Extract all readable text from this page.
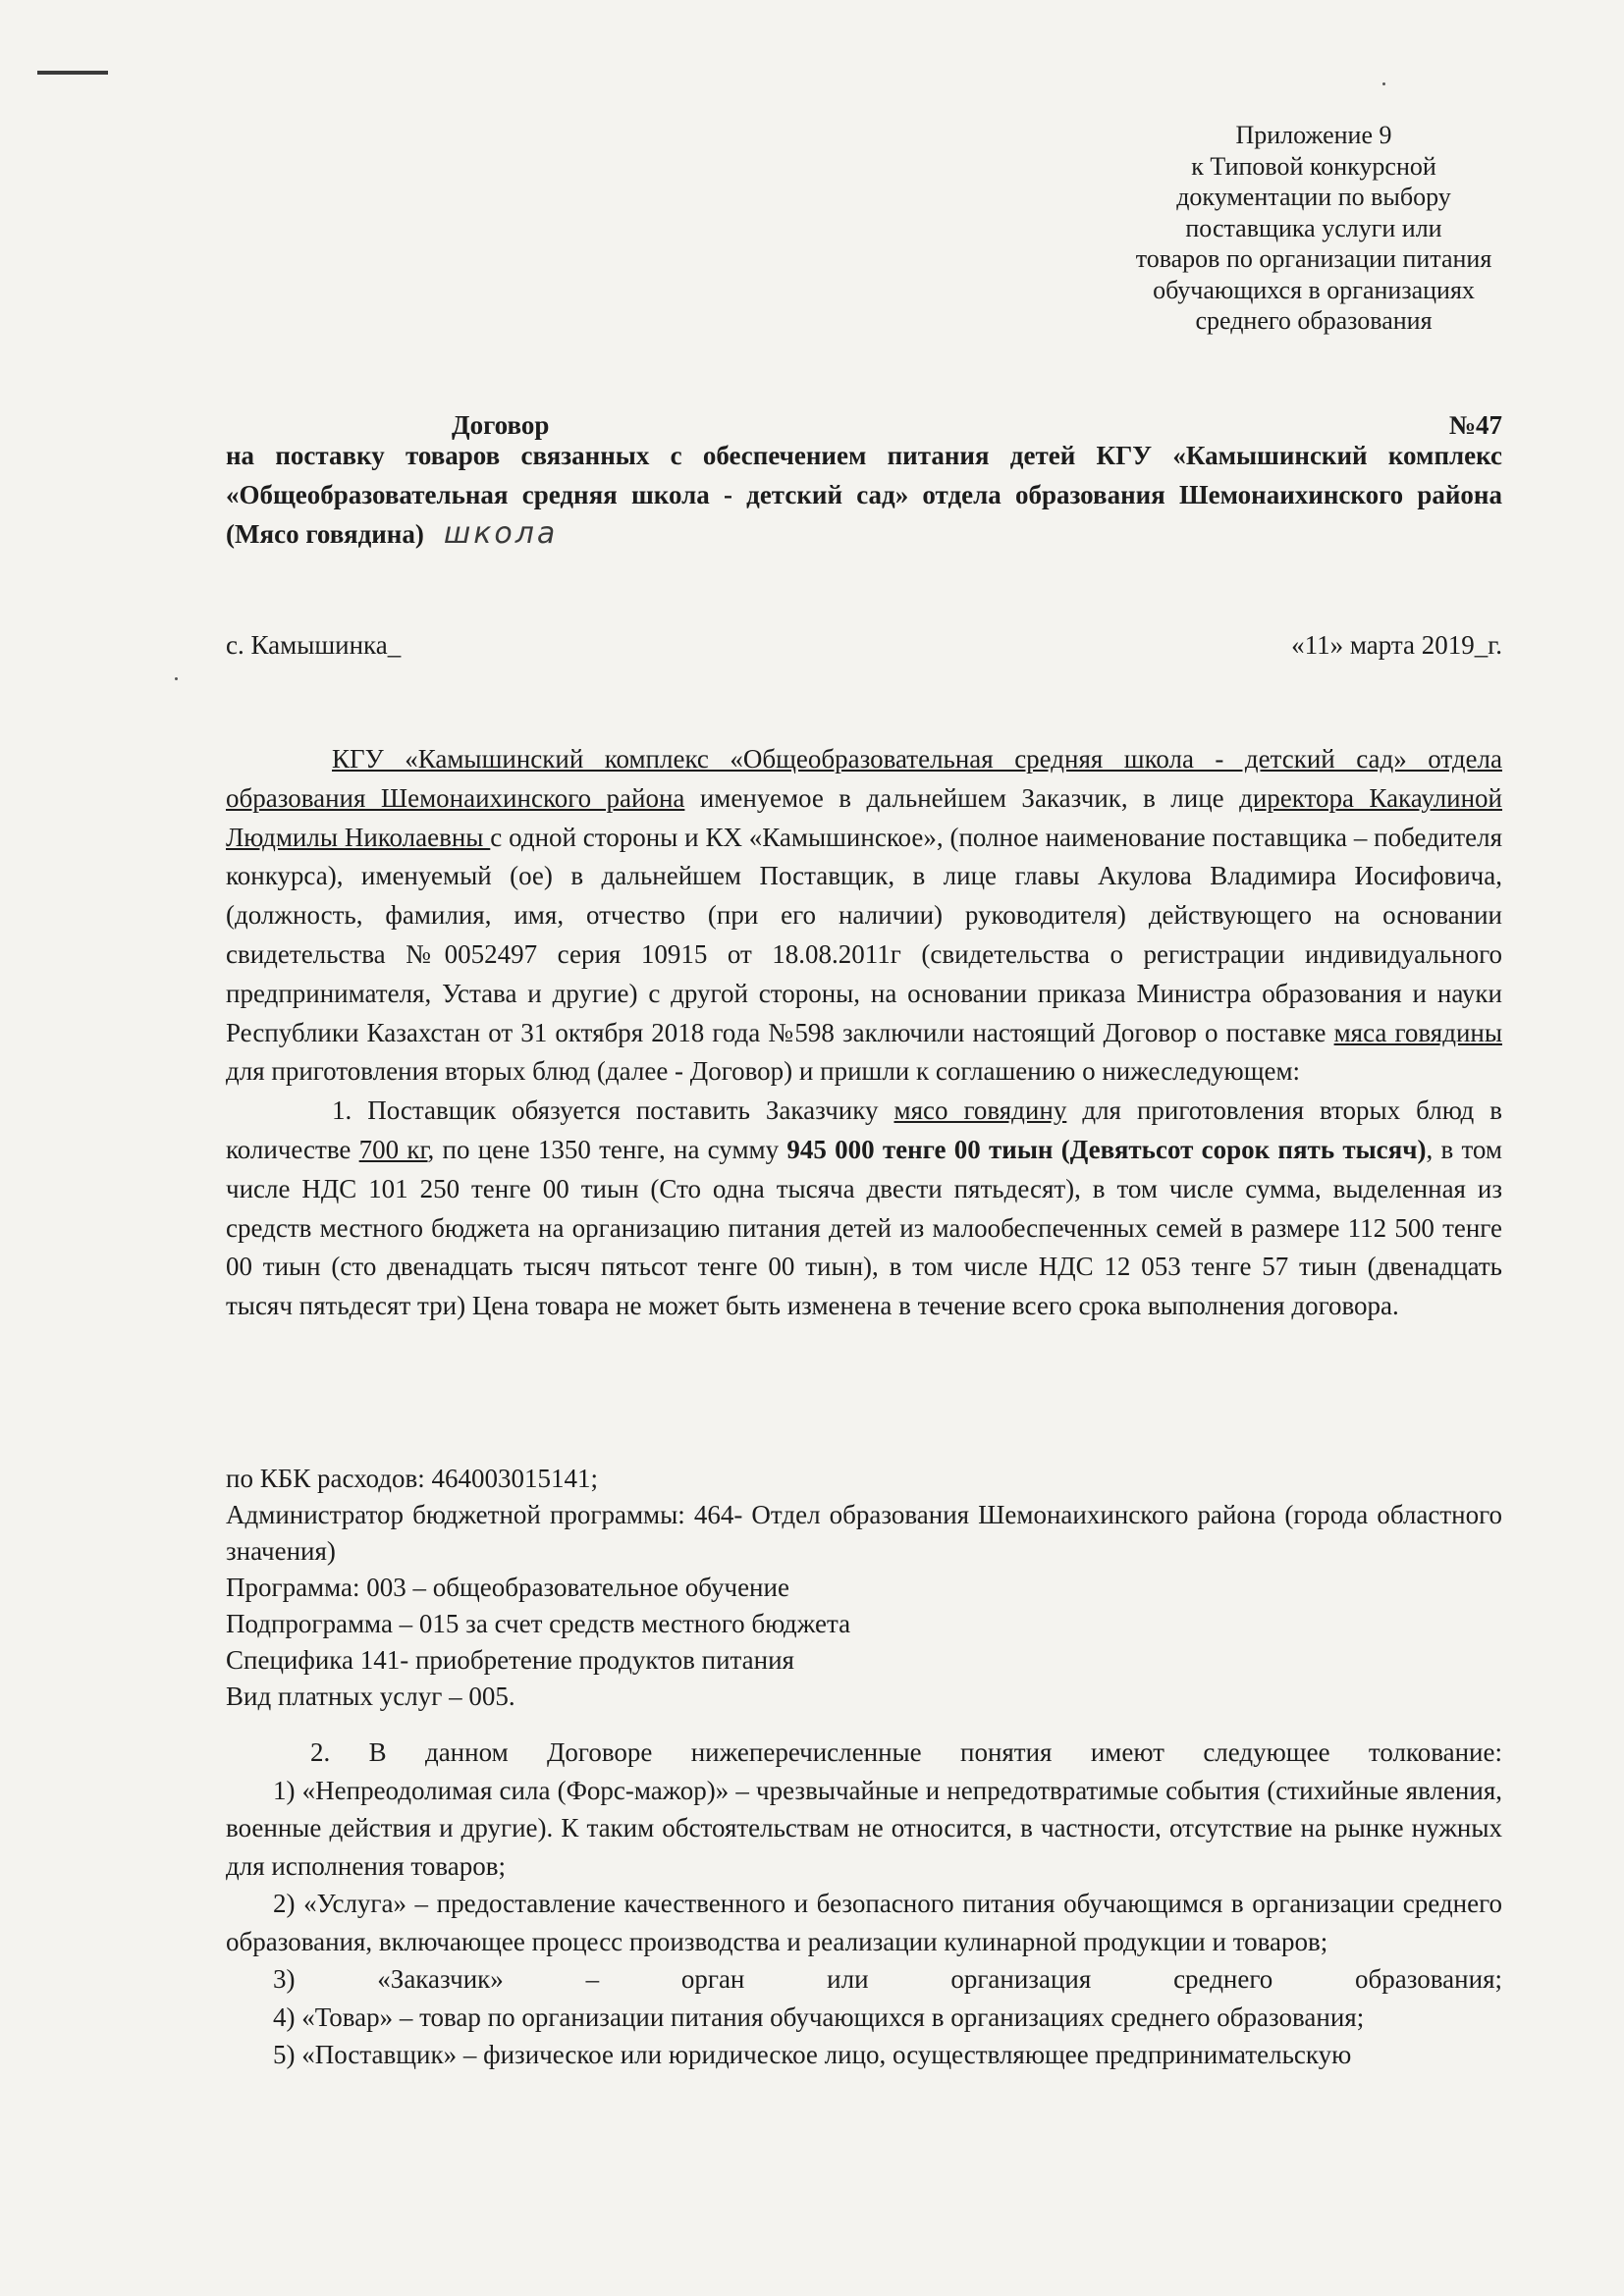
Приложение 9
к Типовой конкурсной
документации по выбору
поставщика услуги или
товаров по организации питания
обучающихся в организациях
среднего образования
Договор	№47
на поставку товаров связанных с обеспечением питания детей КГУ «Камышинский комплекс «Общеобразовательная средняя школа - детский сад» отдела образования Шемонаихинского района (Мясо говядина) школа
с. Камышинка_	«11» марта 2019_г.

КГУ «Камышинский комплекс «Общеобразовательная средняя школа - детский сад» отдела образования Шемонаихинского района именуемое в дальнейшем Заказчик, в лице директора Какаулиной Людмилы Николаевны с одной стороны и КХ «Камышинское», (полное наименование поставщика – победителя конкурса), именуемый (ое) в дальнейшем Поставщик, в лице главы Акулова Владимира Иосифовича, (должность, фамилия, имя, отчество (при его наличии) руководителя) действующего на основании свидетельства №0052497 серия 10915 от 18.08.2011г (свидетельства о регистрации индивидуального предпринимателя, Устава и другие) с другой стороны, на основании приказа Министра образования и науки Республики Казахстан от 31 октября 2018 года №598 заключили настоящий Договор о поставке мяса говядины для приготовления вторых блюд (далее - Договор) и пришли к соглашению о нижеследующем:

1. Поставщик обязуется поставить Заказчику мясо говядину для приготовления вторых блюд в количестве 700 кг, по цене 1350 тенге, на сумму 945 000 тенге 00 тиын (Девятьсот сорок пять тысяч), в том числе НДС 101 250 тенге 00 тиын (Сто одна тысяча двести пятьдесят), в том числе сумма, выделенная из средств местного бюджета на организацию питания детей из малообеспеченных семей в размере 112 500 тенге 00 тиын (сто двенадцать тысяч пятьсот тенге 00 тиын), в том числе НДС 12 053 тенге 57 тиын (двенадцать тысяч пятьдесят три) Цена товара не может быть изменена в течение всего срока выполнения договора.

по КБК расходов: 464003015141;

Администратор бюджетной программы: 464- Отдел образования Шемонаихинского района (города областного значения)

Программа: 003 – общеобразовательное обучение

Подпрограмма – 015 за счет средств местного бюджета

Специфика 141- приобретение продуктов питания

Вид платных услуг – 005.

2. В данном Договоре нижеперечисленные понятия имеют следующее толкование:

1) «Непреодолимая сила (Форс-мажор)» – чрезвычайные и непредотвратимые события (стихийные явления, военные действия и другие). К таким обстоятельствам не относится, в частности, отсутствие на рынке нужных для исполнения товаров;

2) «Услуга» – предоставление качественного и безопасного питания обучающимся в организации среднего образования, включающее процесс производства и реализации кулинарной продукции и товаров;

3) «Заказчик» – орган или организация среднего образования;

4) «Товар» – товар по организации питания обучающихся в организациях среднего образования;

5) «Поставщик» – физическое или юридическое лицо, осуществляющее предпринимательскую
